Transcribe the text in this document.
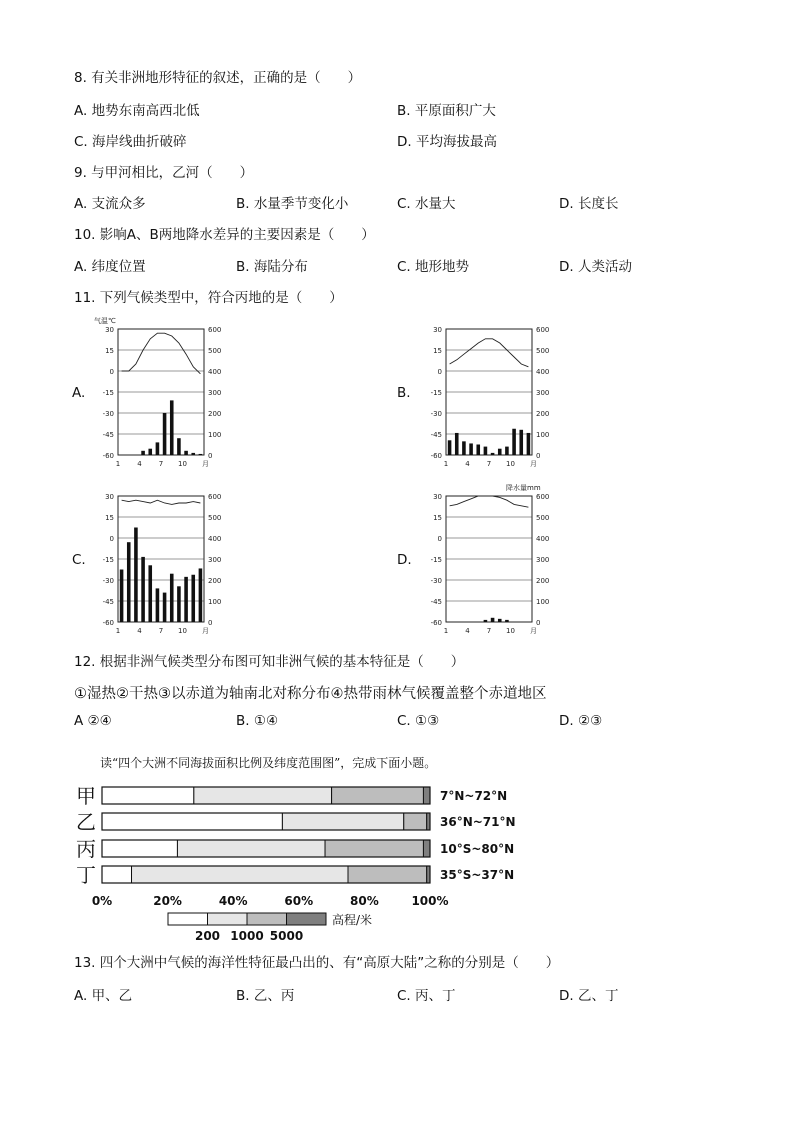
8. 有关非洲地形特征的叙述，正确的是（　　）
A. 地势东南高西北低	B. 平原面积广大
C. 海岸线曲折破碎	D. 平均海拔最高
9. 与甲河相比，乙河（　　）
A. 支流众多	B. 水量季节变化小	C. 水量大	D. 长度长
10. 影响A、B两地降水差异的主要因素是（　　）
A. 纬度位置	B. 海陆分布	C. 地形地势	D. 人类活动
11. 下列气候类型中，符合丙地的是（　　）
A.	B.
C.	D.
30
15
0
-15
-30
-45
-60
600
500
400
300
200
100
0
1 4 7 10 月
气温℃
30
15
0
-15
-30
-45
-60
600
500
400
300
200
100
0
1 4 7 10 月
30
15
0
-15
-30
-45
-60
600
500
400
300
200
100
0
1 4 7 10 月
30
15
0
-15
-30
-45
-60
600
500
400
300
200
100
0
1 4 7 10 月
降水量mm
12. 根据非洲气候类型分布图可知非洲气候的基本特征是（　　）
①湿热②干热③以赤道为轴南北对称分布④热带雨林气候覆盖整个赤道地区
A ②④	B. ①④	C. ①③	D. ②③
读“四个大洲不同海拔面积比例及纬度范围图”，完成下面小题。
甲	7°N~72°N
乙	36°N~71°N
丙	10°S~80°N
丁	35°S~37°N
0%	20%	40%	60%	80%	100%
高程/米
200 1000 5000
13. 四个大洲中气候的海洋性特征最凸出的、有“高原大陆”之称的分别是（　　）
A. 甲、乙	B. 乙、丙	C. 丙、丁	D. 乙、丁
